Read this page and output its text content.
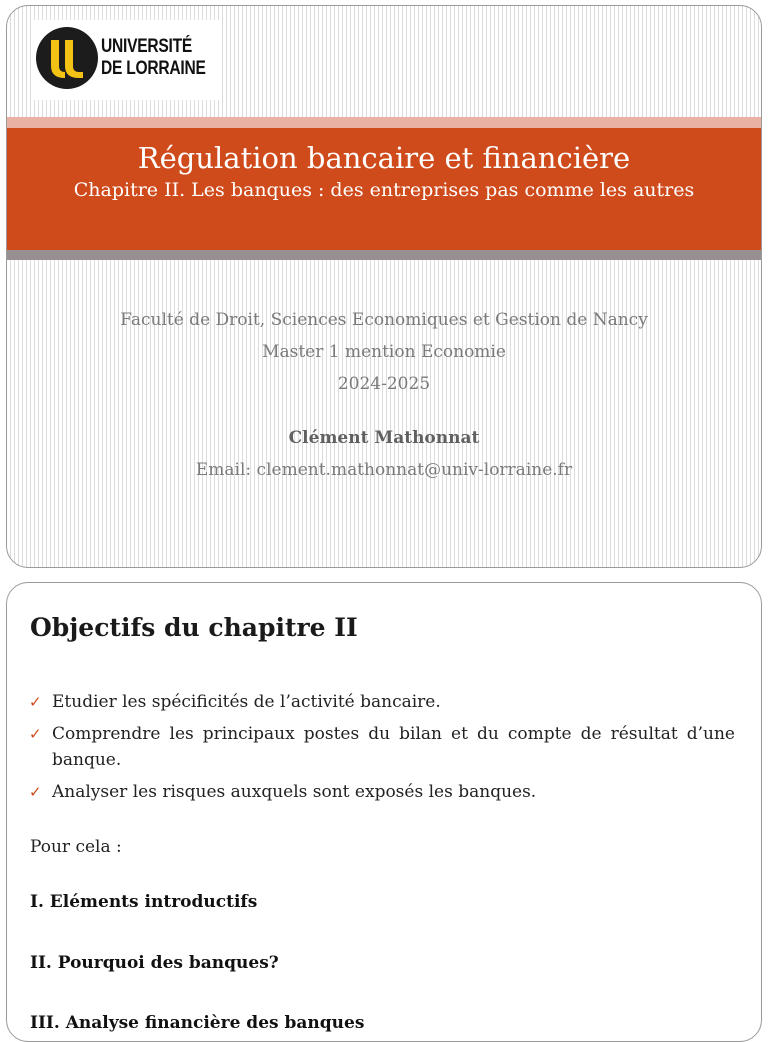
UNIVERSITÉ
DE LORRAINE
Régulation bancaire et financière
Chapitre II. Les banques : des entreprises pas comme les autres
Faculté de Droit, Sciences Economiques et Gestion de Nancy
Master 1 mention Economie
2024-2025
Clément Mathonnat
Email: clement.mathonnat@univ-lorraine.fr
Objectifs du chapitre II
✓ Etudier les spécificités de l’activité bancaire.
✓ Comprendre les principaux postes du bilan et du compte de résultat d’une banque.
✓ Analyser les risques auxquels sont exposés les banques.

Pour cela :

I. Eléments introductifs

II. Pourquoi des banques?

III. Analyse financière des banques
